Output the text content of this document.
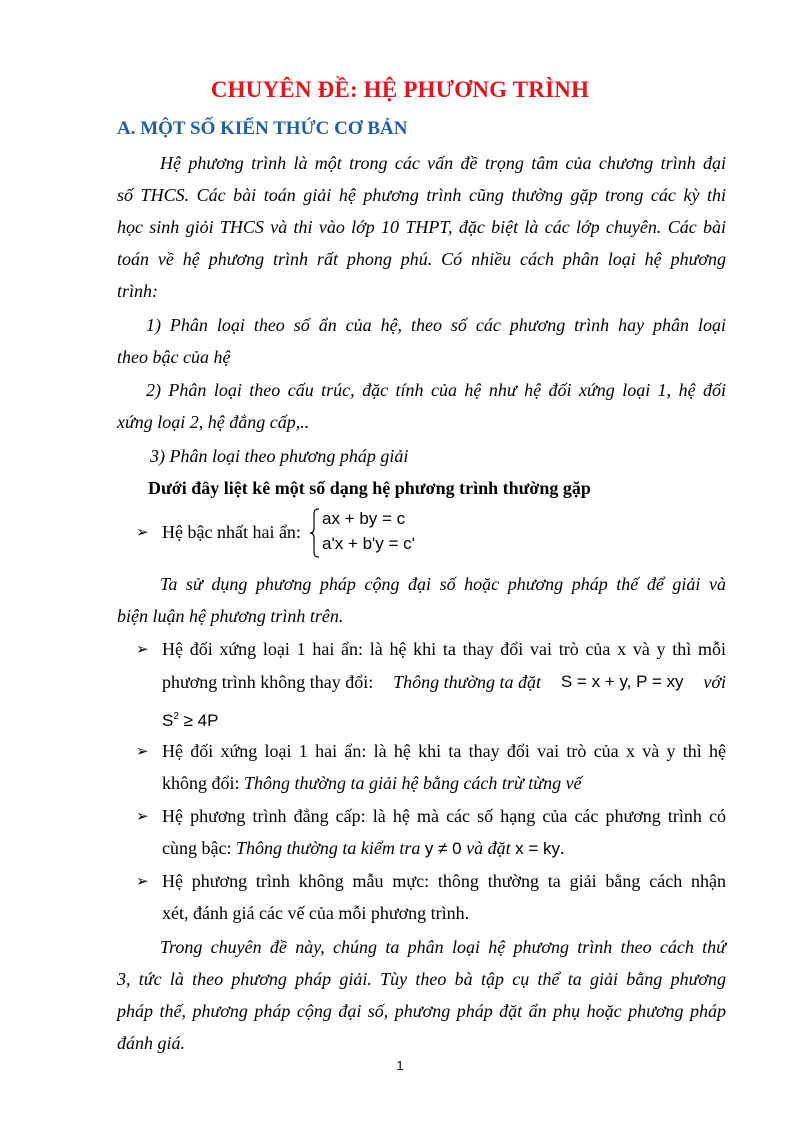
CHUYÊN ĐỀ: HỆ PHƯƠNG TRÌNH
A. MỘT SỐ KIẾN THỨC CƠ BẢN
Hệ phương trình là một trong các vấn đề trọng tâm của chương trình đại
số THCS. Các bài toán giải hệ phương trình cũng thường gặp trong các kỳ thi
học sinh giỏi THCS và thi vào lớp 10 THPT, đặc biệt là các lớp chuyên. Các bài
toán về hệ phương trình rất phong phú. Có nhiều cách phân loại hệ phương
trình:
1) Phân loại theo số ẩn của hệ, theo số các phương trình hay phân loại
theo bậc của hệ
2) Phân loại theo cấu trúc, đặc tính của hệ như hệ đối xứng loại 1, hệ đối
xứng loại 2, hệ đẳng cấp,..
3) Phân loại theo phương pháp giải
Dưới đây liệt kê một số dạng hệ phương trình thường gặp
➢ Hệ bậc nhất hai ẩn:
ax + by = c
a'x + b'y = c'
Ta sử dụng phương pháp cộng đại số hoặc phương pháp thế để giải và
biện luận hệ phương trình trên.
➢ Hệ đối xứng loại 1 hai ẩn: là hệ khi ta thay đổi vai trò của x và y thì mỗi
phương trình không thay đổi: Thông thường ta đặt S = x + y, P = xy với
$S^2 \ge 4P$
➢ Hệ đối xứng loại 1 hai ẩn: là hệ khi ta thay đổi vai trò của x và y thì hệ
không đổi: Thông thường ta giải hệ bằng cách trừ từng vế
➢ Hệ phương trình đẳng cấp: là hệ mà các số hạng của các phương trình có
cùng bậc: Thông thường ta kiểm tra y ≠ 0 và đặt x = ky.
➢ Hệ phương trình không mẫu mực: thông thường ta giải bằng cách nhận
xét, đánh giá các vế của mỗi phương trình.
Trong chuyên đề này, chúng ta phân loại hệ phương trình theo cách thứ
3, tức là theo phương pháp giải. Tùy theo bà tập cụ thể ta giải bằng phương
pháp thế, phương pháp cộng đại số, phương pháp đặt ẩn phụ hoặc phương pháp
đánh giá.
1
